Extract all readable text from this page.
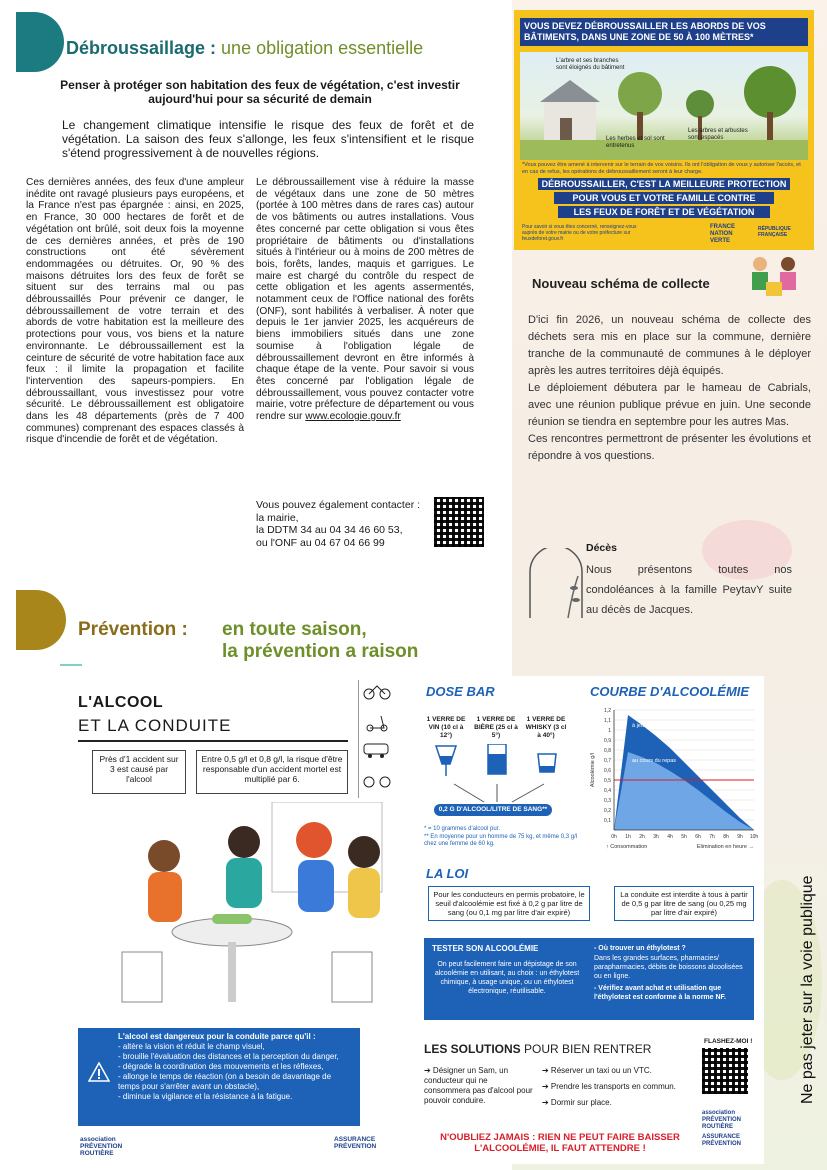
Débroussaillage : une obligation essentielle
Penser à protéger son habitation des feux de végétation, c'est investir aujourd'hui pour sa sécurité de demain
Le changement climatique intensifie le risque des feux de forêt et de végétation. La saison des feux s'allonge, les feux s'intensifient et le risque s'étend progressivement à de nouvelles régions.
Ces dernières années, des feux d'une ampleur inédite ont ravagé plusieurs pays européens, et la France n'est pas épargnée : ainsi, en 2025, en France, 30 000 hectares de forêt et de végétation ont brûlé, soit deux fois la moyenne de ces dernières années, et près de 190 constructions ont été sévèrement endommagées ou détruites. Or, 90 % des maisons détruites lors des feux de forêt se situent sur des terrains mal ou pas débroussaillés Pour prévenir ce danger, le débroussaillement de votre terrain et des abords de votre habitation est la meilleure des protections pour vous, vos biens et la nature environnante. Le débroussaillement est la ceinture de sécurité de votre habitation face aux feux : il limite la propagation et facilite l'intervention des sapeurs-pompiers. En débroussaillant, vous investissez pour votre sécurité. Le débroussaillement est obligatoire dans les 48 départements (près de 7 400 communes) comprenant des espaces classés à risque d'incendie de forêt et de végétation.
Le débroussaillement vise à réduire la masse de végétaux dans une zone de 50 mètres (portée à 100 mètres dans de rares cas) autour de vos bâtiments ou autres installations. Vous êtes concerné par cette obligation si vous êtes propriétaire de bâtiments ou d'installations situés à l'intérieur ou à moins de 200 mètres de bois, forêts, landes, maquis et garrigues. Le maire est chargé du contrôle du respect de cette obligation et les agents assermentés, notamment ceux de l'Office national des forêts (ONF), sont habilités à verbaliser. À noter que depuis le 1er janvier 2025, les acquéreurs de biens immobiliers situés dans une zone soumise à l'obligation légale de débroussaillement devront en être informés à chaque étape de la vente. Pour savoir si vous êtes concerné par l'obligation légale de débroussaillement, vous pouvez contacter votre mairie, votre préfecture de département ou vous rendre sur www.ecologie.gouv.fr
Vous pouvez également contacter : la mairie,
la DDTM 34 au 04 34 46 60 53,
ou l'ONF au 04 67 04 66 99
VOUS DEVEZ DÉBROUSSAILLER LES ABORDS DE VOS BÂTIMENTS, DANS UNE ZONE DE 50 À 100 MÈTRES*
L'arbre et ses branches sont éloignés du bâtiment
Les herbes et sol sont entretenus
Les arbres et arbustes sont espacés
*Vous pouvez être amené à intervenir sur le terrain de vos voisins. Ils ont l'obligation de vous y autoriser l'accès, et en cas de refus, les opérations de débroussaillement seront à leur charge.
DÉBROUSSAILLER, C'EST LA MEILLEURE PROTECTION
POUR VOUS ET VOTRE FAMILLE CONTRE
LES FEUX DE FORÊT ET DE VÉGÉTATION
Pour savoir si vous êtes concerné, renseignez-vous auprès de votre mairie ou de votre préfecture sur feuxdeforet.gouv.fr
FRANCE NATION VERTE
RÉPUBLIQUE FRANÇAISE
Nouveau schéma de collecte
D'ici fin 2026, un nouveau schéma de collecte des déchets sera mis en place sur la commune, dernière tranche de la communauté de communes à le déployer après les autres territoires déjà équipés.
Le déploiement débutera par le hameau de Cabrials, avec une réunion publique prévue en juin. Une seconde réunion se tiendra en septembre pour les autres Mas.
Ces rencontres permettront de présenter les évolutions et répondre à vos questions.
Décès
Nous présentons toutes nos condoléances à la famille PeytavY suite au décès de Jacques.
Prévention : en toute saison,
la prévention a raison
Ne pas jeter sur la voie publique
L'ALCOOL
ET LA CONDUITE
Près d'1 accident sur 3 est causé par l'alcool
Entre 0,5 g/l et 0,8 g/l, la risque d'être responsable d'un accident mortel est multiplié par 6.
L'alcool est dangereux pour la conduite parce qu'il :
- altère la vision et réduit le champ visuel,
- brouille l'évaluation des distances et la perception du danger,
- dégrade la coordination des mouvements et les réflexes,
- allonge le temps de réaction (on a besoin de davantage de temps pour s'arrêter avant un obstacle),
- diminue la vigilance et la résistance à la fatigue.
association PRÉVENTION ROUTIÈRE
ASSURANCE PRÉVENTION
DOSE BAR
1 VERRE DE VIN (10 cl à 12°)
1 VERRE DE BIÈRE (25 cl à 5°)
1 VERRE DE WHISKY (3 cl à 40°)
0,2 G D'ALCOOL/LITRE DE SANG**
* = 10 grammes d'alcool pur.
** En moyenne pour un homme de 75 kg, et même 0,3 g/l chez une femme de 60 kg.
COURBE D'ALCOOLÉMIE
1,2
1,1
1
0,9
0,8
0,7
0,6
0,5
0,4
0,3
0,2
0,1
0h 1h 2h 3h 4h 5h 6h 7h 8h 9h 10h
à jeun
au cours du repas
Alcoolémie g/l
↑ Consommation	Elimination en heure →
LA LOI
Pour les conducteurs en permis probatoire, le seuil d'alcoolémie est fixé à 0,2 g par litre de sang (ou 0,1 mg par litre d'air expiré)
La conduite est interdite à tous à partir de 0,5 g par litre de sang (ou 0,25 mg par litre d'air expiré)
TESTER SON ALCOOLÉMIE
On peut facilement faire un dépistage de son alcoolémie en utilisant, au choix : un éthylotest chimique, à usage unique, ou un éthylotest électronique, réutilisable.
- Où trouver un éthylotest ?
Dans les grandes surfaces, pharmacies/ parapharmacies, débits de boissons alcoolisées ou en ligne.
- Vérifiez avant achat et utilisation que l'éthylotest est conforme à la norme NF.
LES SOLUTIONS POUR BIEN RENTRER
➔ Désigner un Sam, un conducteur qui ne consommera pas d'alcool pour pouvoir conduire.
➔ Réserver un taxi ou un VTC.
➔ Prendre les transports en commun.
➔ Dormir sur place.
FLASHEZ-MOI !
association PRÉVENTION ROUTIÈRE
ASSURANCE PRÉVENTION
N'OUBLIEZ JAMAIS : RIEN NE PEUT FAIRE BAISSER
L'ALCOOLÉMIE, IL FAUT ATTENDRE !
